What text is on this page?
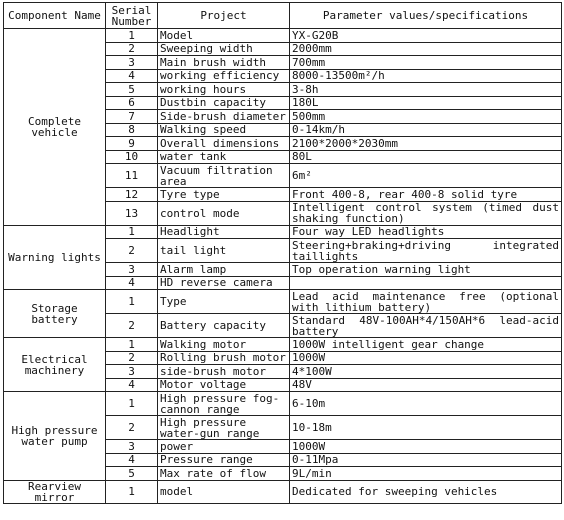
Component Name	Serial Number	Project	Parameter values/specifications
Complete vehicle	1	Model	YX-G20B
	2	Sweeping width	2000mm
	3	Main brush width	700mm
	4	working efficiency	8000-13500m²/h
	5	working hours	3-8h
	6	Dustbin capacity	180L
	7	Side-brush diameter	500mm
	8	Walking speed	0-14km/h
	9	Overall dimensions	2100*2000*2030mm
	10	water tank	80L
	11	Vacuum filtration area	6m²
	12	Tyre type	Front 400-8, rear 400-8 solid tyre
	13	control mode	Intelligent control system (timed dust shaking function)
Warning lights	1	Headlight	Four way LED headlights
	2	tail light	Steering+braking+driving integrated taillights
	3	Alarm lamp	Top operation warning light
	4	HD reverse camera	
Storage battery	1	Type	Lead acid maintenance free (optional with lithium battery)
	2	Battery capacity	Standard 48V-100AH*4/150AH*6 lead-acid battery
Electrical machinery	1	Walking motor	1000W intelligent gear change
	2	Rolling brush motor	1000W
	3	side-brush motor	4*100W
	4	Motor voltage	48V
High pressure water pump	1	High pressure fog-cannon range	6-10m
	2	High pressure water-gun range	10-18m
	3	power	1000W
	4	Pressure range	0-11Mpa
	5	Max rate of flow	9L/min
Rearview mirror	1	model	Dedicated for sweeping vehicles
